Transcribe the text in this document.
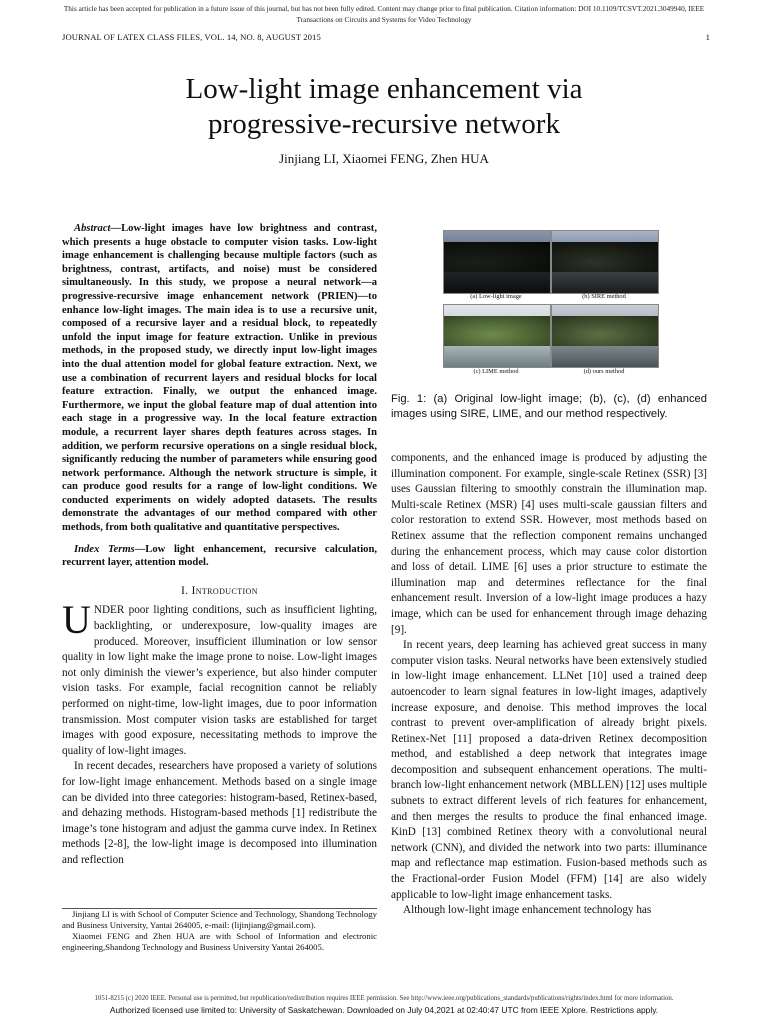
This article has been accepted for publication in a future issue of this journal, but has not been fully edited. Content may change prior to final publication. Citation information: DOI 10.1109/TCSVT.2021.3049940, IEEE
Transactions on Circuits and Systems for Video Technology
JOURNAL OF LATEX CLASS FILES, VOL. 14, NO. 8, AUGUST 2015	1
Low-light image enhancement via
progressive-recursive network
Jinjiang LI, Xiaomei FENG, Zhen HUA

Abstract—Low-light images have low brightness and contrast, which presents a huge obstacle to computer vision tasks. Low-light image enhancement is challenging because multiple factors (such as brightness, contrast, artifacts, and noise) must be considered simultaneously. In this study, we propose a neural network—a progressive-recursive image enhancement network (PRIEN)—to enhance low-light images. The main idea is to use a recursive unit, composed of a recursive layer and a residual block, to repeatedly unfold the input image for feature extraction. Unlike in previous methods, in the proposed study, we directly input low-light images into the dual attention model for global feature extraction. Next, we use a combination of recurrent layers and residual blocks for local feature extraction. Finally, we output the enhanced image. Furthermore, we input the global feature map of dual attention into each stage in a progressive way. In the local feature extraction module, a recurrent layer shares depth features across stages. In addition, we perform recursive operations on a single residual block, significantly reducing the number of parameters while ensuring good network performance. Although the network structure is simple, it can produce good results for a range of low-light conditions. We conducted experiments on widely adopted datasets. The results demonstrate the advantages of our method compared with other methods, from both qualitative and quantitative perspectives.

Index Terms—Low light enhancement, recursive calculation, recurrent layer, attention model.

I. Introduction

UNDER poor lighting conditions, such as insufficient lighting, backlighting, or underexposure, low-quality images are produced. Moreover, insufficient illumination or low sensor quality in low light make the image prone to noise. Low-light images not only diminish the viewer’s experience, but also hinder computer vision tasks. For example, facial recognition cannot be reliably performed on night-time, low-light images, due to poor information transmission. Most computer vision tasks are established for target images with good exposure, necessitating methods to improve the quality of low-light images.

In recent decades, researchers have proposed a variety of solutions for low-light image enhancement. Methods based on a single image can be divided into three categories: histogram-based, Retinex-based, and dehazing methods. Histogram-based methods [1] redistribute the image’s tone histogram and adjust the gamma curve index. In Retinex methods [2-8], the low-light image is decomposed into illumination and reflection

Jinjiang LI is with School of Computer Science and Technology, Shandong Technology and Business University, Yantai 264005, e-mail: (lijinjiang@gmail.com).

Xiaomei FENG and Zhen HUA are with School of Information and electronic engineering,Shandong Technology and Business University Yantai 264005.

(a) Low-light image	(b) SIRE method
(c) LIME method	(d) ours method
Fig. 1: (a) Original low-light image; (b), (c), (d) enhanced images using SIRE, LIME, and our method respectively.

components, and the enhanced image is produced by adjusting the illumination component. For example, single-scale Retinex (SSR) [3] uses Gaussian filtering to smoothly constrain the illumination map. Multi-scale Retinex (MSR) [4] uses multi-scale gaussian filters and color restoration to extend SSR. However, most methods based on Retinex assume that the reflection component remains unchanged during the enhancement process, which may cause color distortion and loss of detail. LIME [6] uses a prior structure to estimate the illumination map and determines reflectance for the final enhancement result. Inversion of a low-light image produces a hazy image, which can be used for enhancement through image dehazing [9].

In recent years, deep learning has achieved great success in many computer vision tasks. Neural networks have been extensively studied in low-light image enhancement. LLNet [10] used a trained deep autoencoder to learn signal features in low-light images, adaptively increase exposure, and denoise. This method improves the local contrast to prevent over-amplification of already bright pixels. Retinex-Net [11] proposed a data-driven Retinex decomposition method, and established a deep network that integrates image decomposition and subsequent enhancement operations. The multi-branch low-light enhancement network (MBLLEN) [12] uses multiple subnets to extract different levels of rich features for enhancement, and then merges the results to produce the final enhanced image. KinD [13] combined Retinex theory with a convolutional neural network (CNN), and divided the network into two parts: illuminance map and reflectance map estimation. Fusion-based methods such as the Fractional-order Fusion Model (FFM) [14] are also widely applicable to low-light image enhancement tasks.

Although low-light image enhancement technology has

1051-8215 (c) 2020 IEEE. Personal use is permitted, but republication/redistribution requires IEEE permission. See http://www.ieee.org/publications_standards/publications/rights/index.html for more information.
Authorized licensed use limited to: University of Saskatchewan. Downloaded on July 04,2021 at 02:40:47 UTC from IEEE Xplore. Restrictions apply.
